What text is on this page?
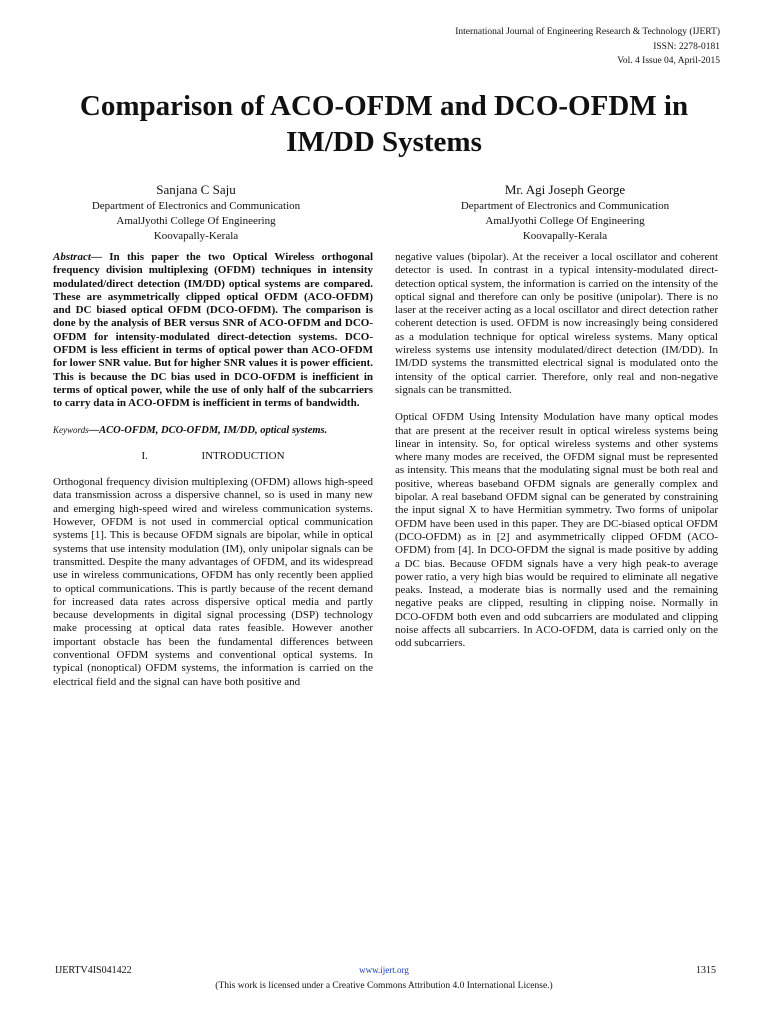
International Journal of Engineering Research & Technology (IJERT)
ISSN: 2278-0181
Vol. 4 Issue 04, April-2015
Comparison of ACO-OFDM and DCO-OFDM in
IM/DD Systems
Sanjana C Saju
Department of Electronics and Communication
AmalJyothi College Of Engineering
Koovapally-Kerala
Mr. Agi Joseph George
Department of Electronics and Communication
AmalJyothi College Of Engineering
Koovapally-Kerala

Abstract— In this paper the two Optical Wireless orthogonal frequency division multiplexing (OFDM) techniques in intensity modulated/direct detection (IM/DD) optical systems are compared. These are asymmetrically clipped optical OFDM (ACO-OFDM) and DC biased optical OFDM (DCO-OFDM). The comparison is done by the analysis of BER versus SNR of ACO-OFDM and DCO-OFDM for intensity-modulated direct-detection systems. DCO-OFDM is less efficient in terms of optical power than ACO-OFDM for lower SNR value. But for higher SNR values it is power efficient. This is because the DC bias used in DCO-OFDM is inefficient in terms of optical power, while the use of only half of the subcarriers to carry data in ACO-OFDM is inefficient in terms of bandwidth.

Keywords—ACO-OFDM, DCO-OFDM, IM/DD, optical systems.

I.	INTRODUCTION

Orthogonal frequency division multiplexing (OFDM) allows high-speed data transmission across a dispersive channel, so is used in many new and emerging high-speed wired and wireless communication systems. However, OFDM is not used in commercial optical communication systems [1]. This is because OFDM signals are bipolar, while in optical systems that use intensity modulation (IM), only unipolar signals can be transmitted. Despite the many advantages of OFDM, and its widespread use in wireless communications, OFDM has only recently been applied to optical communications. This is partly because of the recent demand for increased data rates across dispersive optical media and partly because developments in digital signal processing (DSP) technology make processing at optical data rates feasible. However another important obstacle has been the fundamental differences between conventional OFDM systems and conventional optical systems. In typical (nonoptical) OFDM systems, the information is carried on the electrical field and the signal can have both positive and

negative values (bipolar). At the receiver a local oscillator and coherent detector is used. In contrast in a typical intensity-modulated direct-detection optical system, the information is carried on the intensity of the optical signal and therefore can only be positive (unipolar). There is no laser at the receiver acting as a local oscillator and direct detection rather coherent detection is used. OFDM is now increasingly being considered as a modulation technique for optical wireless systems. Many optical wireless systems use intensity modulated/direct detection (IM/DD). In IM/DD systems the transmitted electrical signal is modulated onto the intensity of the optical carrier. Therefore, only real and non-negative signals can be transmitted.

Optical OFDM Using Intensity Modulation have many optical modes that are present at the receiver result in optical wireless systems being linear in intensity. So, for optical wireless systems and other systems where many modes are received, the OFDM signal must be represented as intensity. This means that the modulating signal must be both real and positive, whereas baseband OFDM signals are generally complex and bipolar. A real baseband OFDM signal can be generated by constraining the input signal X to have Hermitian symmetry. Two forms of unipolar OFDM have been used in this paper. They are DC-biased optical OFDM (DCO-OFDM) as in [2] and asymmetrically clipped OFDM (ACO-OFDM) from [4]. In DCO-OFDM the signal is made positive by adding a DC bias. Because OFDM signals have a very high peak-to average power ratio, a very high bias would be required to eliminate all negative peaks. Instead, a moderate bias is normally used and the remaining negative peaks are clipped, resulting in clipping noise. Normally in DCO-OFDM both even and odd subcarriers are modulated and clipping noise affects all subcarriers. In ACO-OFDM, data is carried only on the odd subcarriers.

IJERTV4IS041422	www.ijert.org	1315
(This work is licensed under a Creative Commons Attribution 4.0 International License.)
